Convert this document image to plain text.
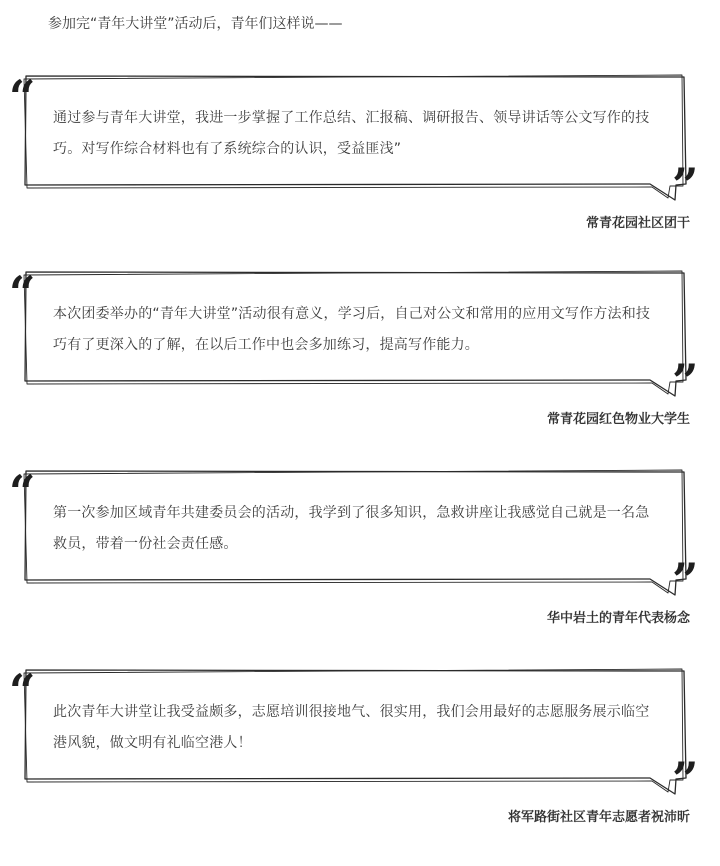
参加完“青年大讲堂”活动后，青年们这样说——
“ 通过参与青年大讲堂，我进一步掌握了工作总结、汇报稿、调研报告、领导讲话等公文写作的技巧。对写作综合材料也有了系统综合的认识，受益匪浅”
”
常青花园社区团干
“ 本次团委举办的“青年大讲堂”活动很有意义，学习后，自己对公文和常用的应用文写作方法和技巧有了更深入的了解，在以后工作中也会多加练习，提高写作能力。
”
常青花园红色物业大学生
“ 第一次参加区域青年共建委员会的活动，我学到了很多知识，急救讲座让我感觉自己就是一名急救员，带着一份社会责任感。
”
华中岩土的青年代表杨念
“ 此次青年大讲堂让我受益颇多，志愿培训很接地气、很实用，我们会用最好的志愿服务展示临空港风貌，做文明有礼临空港人！
”
将军路街社区青年志愿者祝沛昕
